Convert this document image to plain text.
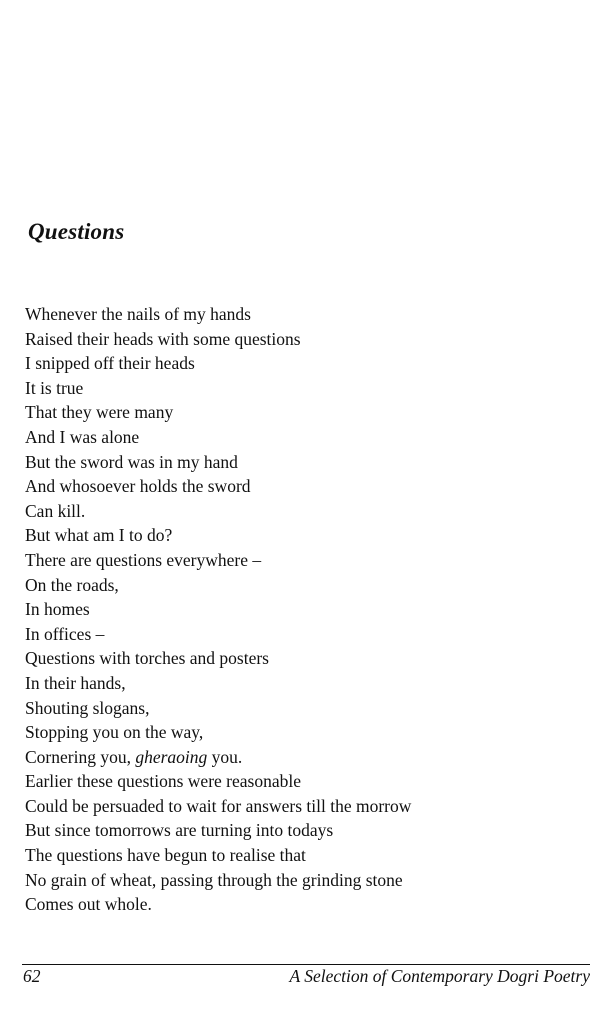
Questions
Whenever the nails of my hands
Raised their heads with some questions
I snipped off their heads
It is true
That they were many
And I was alone
But the sword was in my hand
And whosoever holds the sword
Can kill.
But what am I to do?
There are questions everywhere –
On the roads,
In homes
In offices –
Questions with torches and posters
In their hands,
Shouting slogans,
Stopping you on the way,
Cornering you, gheraoing you.
Earlier these questions were reasonable
Could be persuaded to wait for answers till the morrow
But since tomorrows are turning into todays
The questions have begun to realise that
No grain of wheat, passing through the grinding stone
Comes out whole.
62	A Selection of Contemporary Dogri Poetry
